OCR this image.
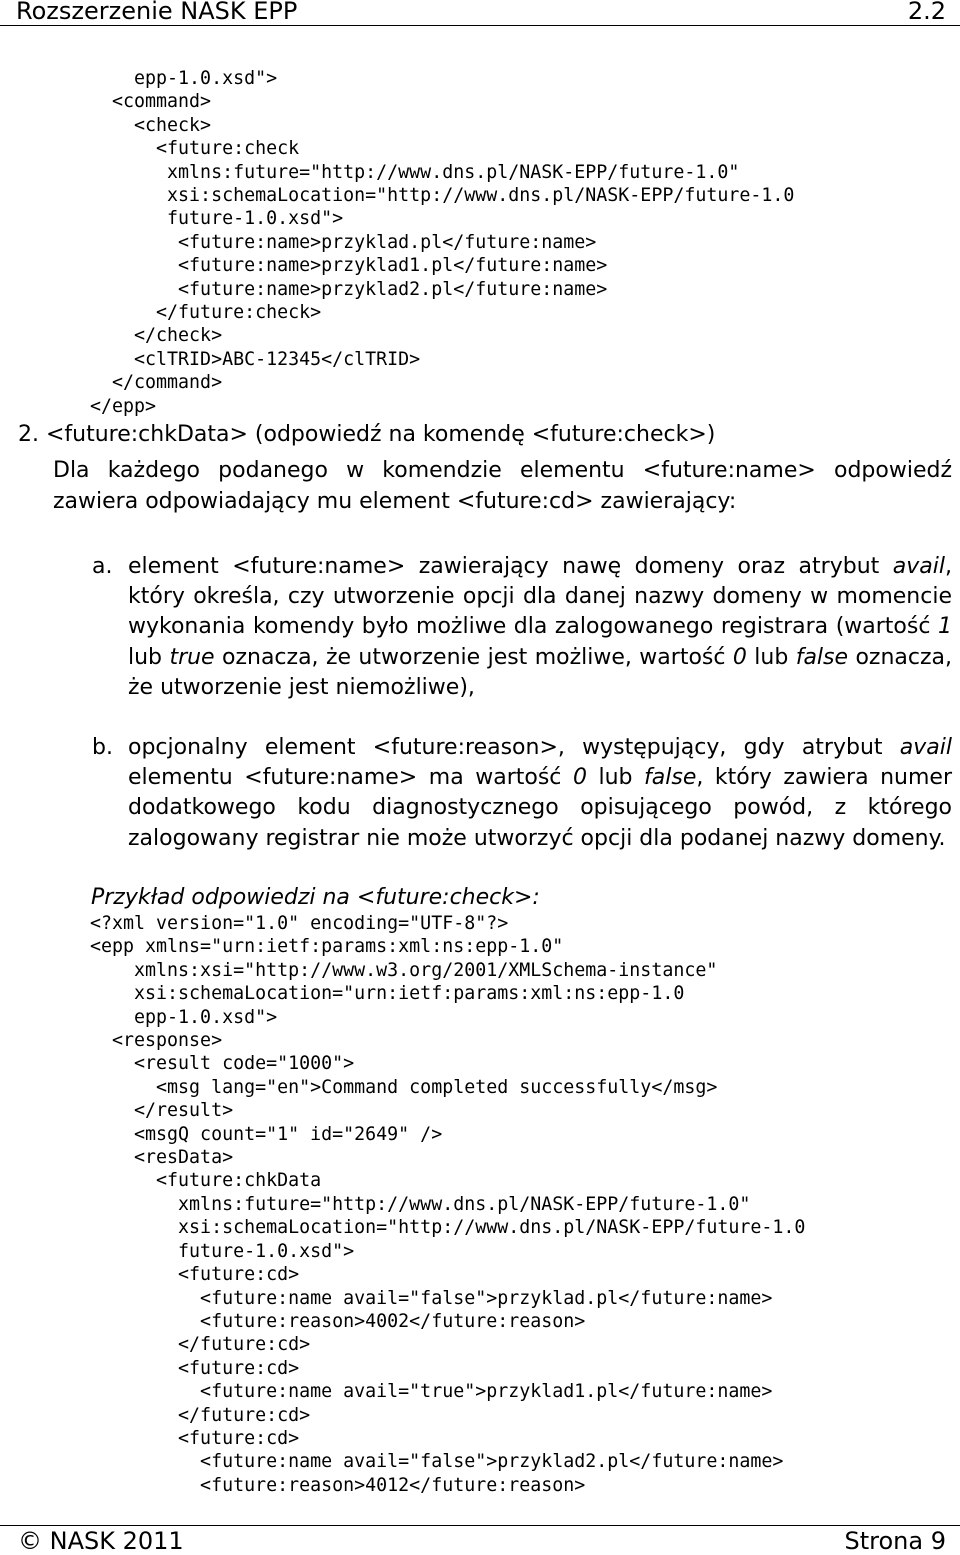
Rozszerzenie NASK EPP	2.2
epp-1.0.xsd">
<command>
<check>
<future:check
xmlns:future="http://www.dns.pl/NASK-EPP/future-1.0"
xsi:schemaLocation="http://www.dns.pl/NASK-EPP/future-1.0
future-1.0.xsd">
<future:name>przyklad.pl</future:name>
<future:name>przyklad1.pl</future:name>
<future:name>przyklad2.pl</future:name>
</future:check>
</check>
<clTRID>ABC-12345</clTRID>
</command>
</epp>
2. <future:chkData> (odpowiedź na komendę <future:check>)
Dla każdego podanego w komendzie elementu <future:name> odpowiedź zawiera odpowiadający mu element <future:cd> zawierający:
a. element <future:name> zawierający nawę domeny oraz atrybut avail, który określa, czy utworzenie opcji dla danej nazwy domeny w momencie wykonania komendy było możliwe dla zalogowanego registrara (wartość 1 lub true oznacza, że utworzenie jest możliwe, wartość 0 lub false oznacza, że utworzenie jest niemożliwe),
b. opcjonalny element <future:reason>, występujący, gdy atrybut avail elementu <future:name> ma wartość 0 lub false, który zawiera numer dodatkowego kodu diagnostycznego opisującego powód, z którego zalogowany registrar nie może utworzyć opcji dla podanej nazwy domeny.
Przykład odpowiedzi na <future:check>:
<?xml version="1.0" encoding="UTF-8"?>
<epp xmlns="urn:ietf:params:xml:ns:epp-1.0"
xmlns:xsi="http://www.w3.org/2001/XMLSchema-instance"
xsi:schemaLocation="urn:ietf:params:xml:ns:epp-1.0
epp-1.0.xsd">
<response>
<result code="1000">
<msg lang="en">Command completed successfully</msg>
</result>
<msgQ count="1" id="2649" />
<resData>
<future:chkData
xmlns:future="http://www.dns.pl/NASK-EPP/future-1.0"
xsi:schemaLocation="http://www.dns.pl/NASK-EPP/future-1.0
future-1.0.xsd">
<future:cd>
<future:name avail="false">przyklad.pl</future:name>
<future:reason>4002</future:reason>
</future:cd>
<future:cd>
<future:name avail="true">przyklad1.pl</future:name>
</future:cd>
<future:cd>
<future:name avail="false">przyklad2.pl</future:name>
<future:reason>4012</future:reason>
© NASK 2011	Strona 9
